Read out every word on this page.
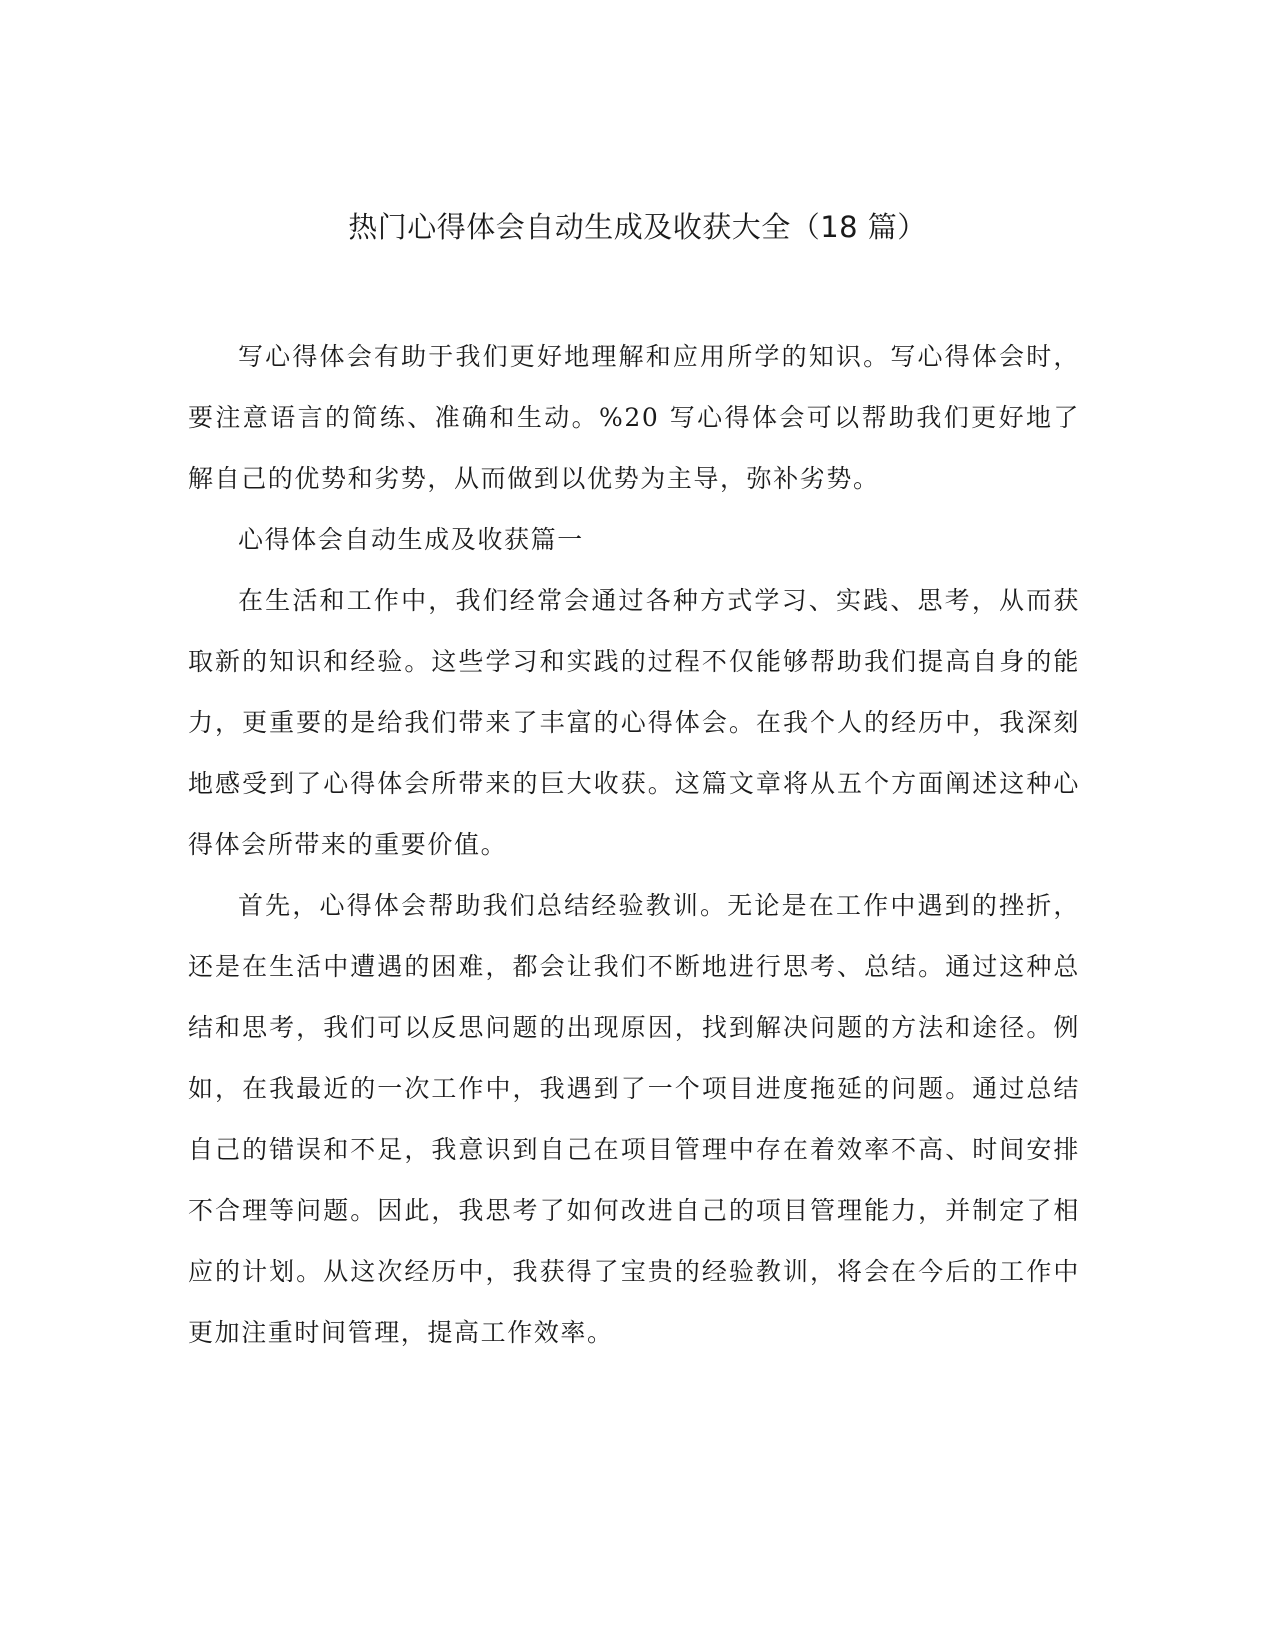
热门心得体会自动生成及收获大全（18 篇）

写心得体会有助于我们更好地理解和应用所学的知识。写心得体会时，要注意语言的简练、准确和生动。%20 写心得体会可以帮助我们更好地了解自己的优势和劣势，从而做到以优势为主导，弥补劣势。

心得体会自动生成及收获篇一

在生活和工作中，我们经常会通过各种方式学习、实践、思考，从而获取新的知识和经验。这些学习和实践的过程不仅能够帮助我们提高自身的能力，更重要的是给我们带来了丰富的心得体会。在我个人的经历中，我深刻地感受到了心得体会所带来的巨大收获。这篇文章将从五个方面阐述这种心得体会所带来的重要价值。

首先，心得体会帮助我们总结经验教训。无论是在工作中遇到的挫折，还是在生活中遭遇的困难，都会让我们不断地进行思考、总结。通过这种总结和思考，我们可以反思问题的出现原因，找到解决问题的方法和途径。例如，在我最近的一次工作中，我遇到了一个项目进度拖延的问题。通过总结自己的错误和不足，我意识到自己在项目管理中存在着效率不高、时间安排不合理等问题。因此，我思考了如何改进自己的项目管理能力，并制定了相应的计划。从这次经历中，我获得了宝贵的经验教训，将会在今后的工作中更加注重时间管理，提高工作效率。
